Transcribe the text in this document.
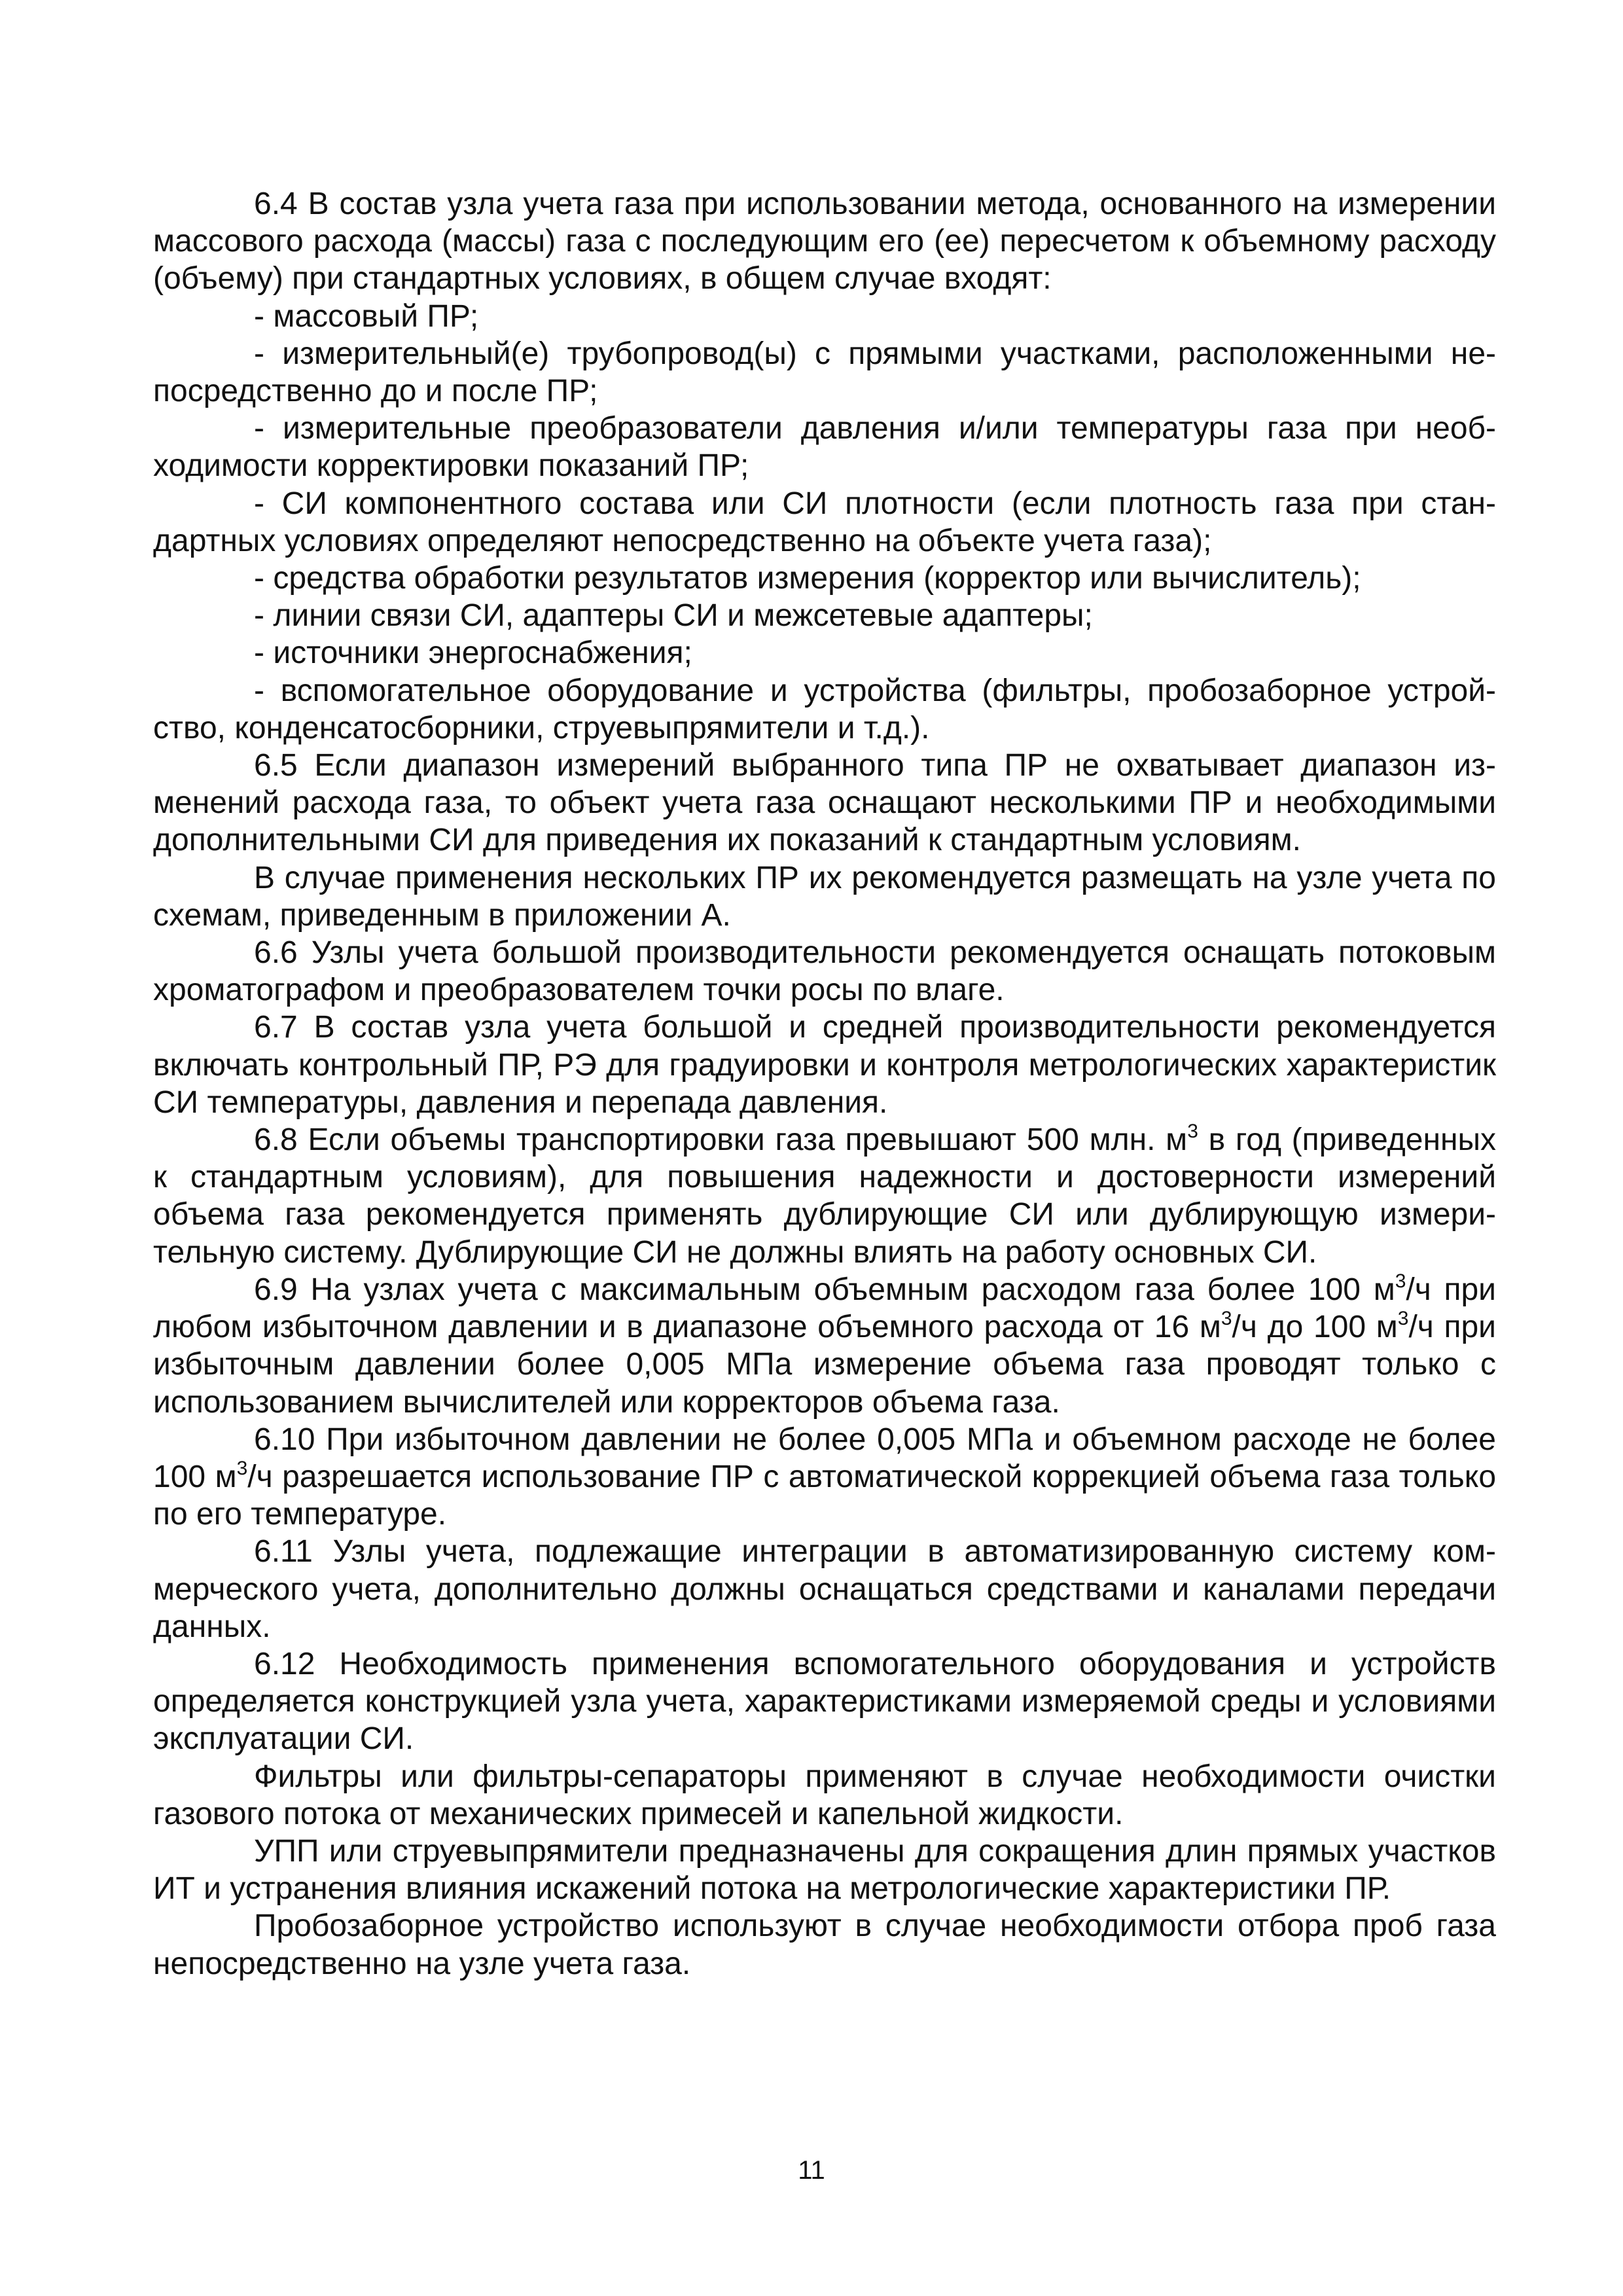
6.4 В состав узла учета газа при использовании метода, основанного на измерении массового расхода (массы) газа с последующим его (ее) пересчетом к объемному расходу (объему) при стандартных условиях, в общем случае входят:

- массовый ПР;

- измерительный(е) трубопровод(ы) с прямыми участками, расположенными непосредственно до и после ПР;

- измерительные преобразователи давления и/или температуры газа при необходимости корректировки показаний ПР;

- СИ компонентного состава или СИ плотности (если плотность газа при стандартных условиях определяют непосредственно на объекте учета газа);

- средства обработки результатов измерения (корректор или вычислитель);

- линии связи СИ, адаптеры СИ и межсетевые адаптеры;

- источники энергоснабжения;

- вспомогательное оборудование и устройства (фильтры, пробозаборное устройство, конденсатосборники, струевыпрямители и т.д.).

6.5 Если диапазон измерений выбранного типа ПР не охватывает диапазон изменений расхода газа, то объект учета газа оснащают несколькими ПР и необходимыми дополнительными СИ для приведения их показаний к стандартным условиям.

В случае применения нескольких ПР их рекомендуется размещать на узле учета по схемам, приведенным в приложении А.

6.6 Узлы учета большой производительности рекомендуется оснащать потоковым хроматографом и преобразователем точки росы по влаге.

6.7 В состав узла учета большой и средней производительности рекомендуется включать контрольный ПР, РЭ для градуировки и контроля метрологических характеристик СИ температуры, давления и перепада давления.

6.8 Если объемы транспортировки газа превышают 500 млн. $м^3$ в год (приведенных к стандартным условиям), для повышения надежности и достоверности измерений объема газа рекомендуется применять дублирующие СИ или дублирующую измерительную систему. Дублирующие СИ не должны влиять на работу основных СИ.

6.9 На узлах учета с максимальным объемным расходом газа более 100 $м^3/ч$ при любом избыточном давлении и в диапазоне объемного расхода от 16 $м^3/ч$ до 100 $м^3/ч$ при избыточным давлении более 0,005 МПа измерение объема газа проводят только с использованием вычислителей или корректоров объема газа.

6.10 При избыточном давлении не более 0,005 МПа и объемном расходе не более 100 $м^3/ч$ разрешается использование ПР с автоматической коррекцией объема газа только по его температуре.

6.11 Узлы учета, подлежащие интеграции в автоматизированную систему коммерческого учета, дополнительно должны оснащаться средствами и каналами передачи данных.

6.12 Необходимость применения вспомогательного оборудования и устройств определяется конструкцией узла учета, характеристиками измеряемой среды и условиями эксплуатации СИ.

Фильтры или фильтры-сепараторы применяют в случае необходимости очистки газового потока от механических примесей и капельной жидкости.

УПП или струевыпрямители предназначены для сокращения длин прямых участков ИТ и устранения влияния искажений потока на метрологические характеристики ПР.

Пробозаборное устройство используют в случае необходимости отбора проб газа непосредственно на узле учета газа.

11
